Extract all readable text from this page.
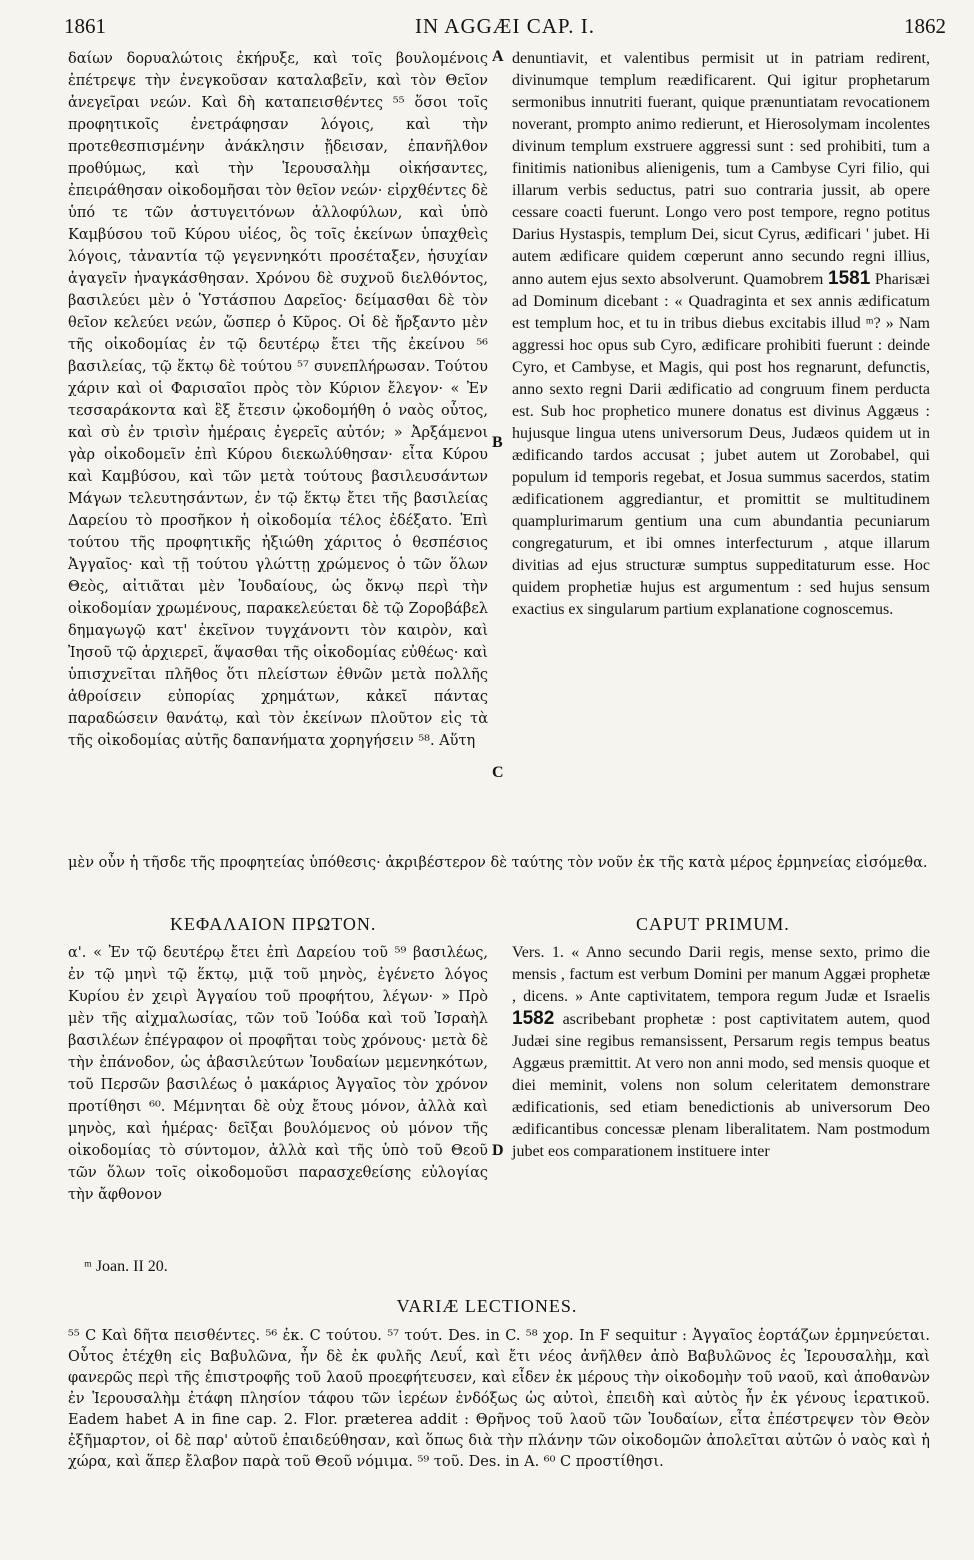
1861	IN AGGÆI CAP. I.	1862

δαίων δορυαλώτοις ἐκήρυξε, καὶ τοῖς βουλομένοις ἐπέτρεψε τὴν ἐνεγκοῦσαν καταλαβεῖν, καὶ τὸν Θεῖον ἀνεγεῖραι νεών. Καὶ δὴ καταπεισθέντες ⁵⁵ ὅσοι τοῖς προφητικοῖς ἐνετράφησαν λόγοις, καὶ τὴν προτεθεσπισμένην ἀνάκλησιν ᾔδεισαν, ἐπανῆλθον προθύμως, καὶ τὴν Ἱερουσαλὴμ οἰκήσαντες, ἐπειράθησαν οἰκοδομῆσαι τὸν θεῖον νεών· εἰρχθέντες δὲ ὑπό τε τῶν ἀστυγειτόνων ἀλλοφύλων, καὶ ὑπὸ Καμβύσου τοῦ Κύρου υἱέος, ὃς τοῖς ἐκείνων ὑπαχθεὶς λόγοις, τἀναντία τῷ γεγεννηκότι προσέταξεν, ἡσυχίαν ἀγαγεῖν ἠναγκάσθησαν. Χρόνου δὲ συχνοῦ διελθόντος, βασιλεύει μὲν ὁ Ὑστάσπου Δαρεῖος· δείμασθαι δὲ τὸν θεῖον κελεύει νεών, ὥσπερ ὁ Κῦρος. Οἱ δὲ ἤρξαντο μὲν τῆς οἰκοδομίας ἐν τῷ δευτέρῳ ἔτει τῆς ἐκείνου ⁵⁶ βασιλείας, τῷ ἕκτῳ δὲ τούτου ⁵⁷ συνεπλήρωσαν. Τούτου χάριν καὶ οἱ Φαρισαῖοι πρὸς τὸν Κύριον ἔλεγον· « Ἐν τεσσαράκοντα καὶ ἓξ ἔτεσιν ᾠκοδομήθη ὁ ναὸς οὗτος, καὶ σὺ ἐν τρισὶν ἡμέραις ἐγερεῖς αὐτόν; » Ἀρξάμενοι γὰρ οἰκοδομεῖν ἐπὶ Κύρου διεκωλύθησαν· εἶτα Κύρου καὶ Καμβύσου, καὶ τῶν μετὰ τούτους βασιλευσάντων Μάγων τελευτησάντων, ἐν τῷ ἕκτῳ ἔτει τῆς βασιλείας Δαρείου τὸ προσῆκον ἡ οἰκοδομία τέλος ἐδέξατο. Ἐπὶ τούτου τῆς προφητικῆς ἠξιώθη χάριτος ὁ θεσπέσιος Ἀγγαῖος· καὶ τῇ τούτου γλώττῃ χρώμενος ὁ τῶν ὅλων Θεὸς, αἰτιᾶται μὲν Ἰουδαίους, ὡς ὄκνῳ περὶ τὴν οἰκοδομίαν χρωμένους, παρακελεύεται δὲ τῷ Ζοροβάβελ δημαγωγῷ κατ' ἐκεῖνον τυγχάνοντι τὸν καιρὸν, καὶ Ἰησοῦ τῷ ἀρχιερεῖ, ἅψασθαι τῆς οἰκοδομίας εὐθέως· καὶ ὑπισχνεῖται πλῆθος ὅτι πλείστων ἐθνῶν μετὰ πολλῆς ἀθροίσειν εὐπορίας χρημάτων, κἀκεῖ πάντας παραδώσειν θανάτῳ, καὶ τὸν ἐκείνων πλοῦτον εἰς τὰ τῆς οἰκοδομίας αὐτῆς δαπανήματα χορηγήσειν ⁵⁸. Αὕτη

denuntiavit, et valentibus permisit ut in patriam redirent, divinumque templum reædificarent. Qui igitur prophetarum sermonibus innutriti fuerant, quique prænuntiatam revocationem noverant, prompto animo redierunt, et Hierosolymam incolentes divinum templum exstruere aggressi sunt : sed prohibiti, tum a finitimis nationibus alienigenis, tum a Cambyse Cyri filio, qui illarum verbis seductus, patri suo contraria jussit, ab opere cessare coacti fuerunt. Longo vero post tempore, regno potitus Darius Hystaspis, templum Dei, sicut Cyrus, ædificari ' jubet. Hi autem ædificare quidem cœperunt anno secundo regni illius, anno autem ejus sexto absolverunt. Quamobrem 1581 Pharisæi ad Dominum dicebant : « Quadraginta et sex annis ædificatum est templum hoc, et tu in tribus diebus excitabis illud ᵐ? » Nam aggressi hoc opus sub Cyro, ædificare prohibiti fuerunt : deinde Cyro, et Cambyse, et Magis, qui post hos regnarunt, defunctis, anno sexto regni Darii ædificatio ad congruum finem perducta est. Sub hoc prophetico munere donatus est divinus Aggæus : hujusque lingua utens universorum Deus, Judæos quidem ut in ædificando tardos accusat ; jubet autem ut Zorobabel, qui populum id temporis regebat, et Josua summus sacerdos, statim ædificationem aggrediantur, et promittit se multitudinem quamplurimarum gentium una cum abundantia pecuniarum congregaturum, et ibi omnes interfecturum , atque illarum divitias ad ejus structuræ sumptus suppeditaturum esse. Hoc quidem prophetiæ hujus est argumentum : sed hujus sensum exactius ex singularum partium explanatione cognoscemus.

A
B
C
D
μὲν οὖν ἡ τῆσδε τῆς προφητείας ὑπόθεσις· ἀκριβέστερον δὲ ταύτης τὸν νοῦν ἐκ τῆς κατὰ μέρος ἑρμηνείας εἰσόμεθα.
ΚΕΦΑΛΑΙΟΝ ΠΡΩΤΟΝ.	CAPUT PRIMUM.

α'. « Ἐν τῷ δευτέρῳ ἔτει ἐπὶ Δαρείου τοῦ ⁵⁹ βασιλέως, ἐν τῷ μηνὶ τῷ ἕκτῳ, μιᾷ τοῦ μηνὸς, ἐγένετο λόγος Κυρίου ἐν χειρὶ Ἀγγαίου τοῦ προφήτου, λέγων· » Πρὸ μὲν τῆς αἰχμαλωσίας, τῶν τοῦ Ἰούδα καὶ τοῦ Ἰσραὴλ βασιλέων ἐπέγραφον οἱ προφῆται τοὺς χρόνους· μετὰ δὲ τὴν ἐπάνοδον, ὡς ἀβασιλεύτων Ἰουδαίων μεμενηκότων, τοῦ Περσῶν βασιλέως ὁ μακάριος Ἀγγαῖος τὸν χρόνον προτίθησι ⁶⁰. Μέμνηται δὲ οὐχ ἔτους μόνον, ἀλλὰ καὶ μηνὸς, καὶ ἡμέρας· δεῖξαι βουλόμενος οὐ μόνον τῆς οἰκοδομίας τὸ σύντομον, ἀλλὰ καὶ τῆς ὑπὸ τοῦ Θεοῦ τῶν ὅλων τοῖς οἰκοδομοῦσι παρασχεθείσης εὐλογίας τὴν ἄφθονον

Vers. 1. « Anno secundo Darii regis, mense sexto, primo die mensis , factum est verbum Domini per manum Aggæi prophetæ , dicens. » Ante captivitatem, tempora regum Judæ et Israelis 1582 ascribebant prophetæ : post captivitatem autem, quod Judæi sine regibus remansissent, Persarum regis tempus beatus Aggæus præmittit. At vero non anni modo, sed mensis quoque et diei meminit, volens non solum celeritatem demonstrare ædificationis, sed etiam benedictionis ab universorum Deo ædificantibus concessæ plenam liberalitatem. Nam postmodum jubet eos comparationem instituere inter

ᵐ Joan. II 20.
VARIÆ LECTIONES.
⁵⁵ C Καὶ δῆτα πεισθέντες. ⁵⁶ ἐκ. C τούτου. ⁵⁷ τούτ. Des. in C. ⁵⁸ χορ. In F sequitur : Ἀγγαῖος ἑορτάζων ἑρμηνεύεται. Οὗτος ἐτέχθη εἰς Βαβυλῶνα, ἦν δὲ ἐκ φυλῆς Λευΐ, καὶ ἔτι νέος ἀνῆλθεν ἀπὸ Βαβυλῶνος ἐς Ἱερουσαλὴμ, καὶ φανερῶς περὶ τῆς ἐπιστροφῆς τοῦ λαοῦ προεφήτευσεν, καὶ εἶδεν ἐκ μέρους τὴν οἰκοδομὴν τοῦ ναοῦ, καὶ ἀποθανὼν ἐν Ἱερουσαλὴμ ἐτάφη πλησίον τάφου τῶν ἱερέων ἐνδόξως ὡς αὐτοὶ, ἐπειδὴ καὶ αὐτὸς ἦν ἐκ γένους ἱερατικοῦ. Eadem habet A in fine cap. 2. Flor. præterea addit : Θρῆνος τοῦ λαοῦ τῶν Ἰουδαίων, εἶτα ἐπέστρεψεν τὸν Θεὸν ἐξῆμαρτον, οἱ δὲ παρ' αὐτοῦ ἐπαιδεύθησαν, καὶ ὅπως διὰ τὴν πλάνην τῶν οἰκοδομῶν ἀπολεῖται αὐτῶν ὁ ναὸς καὶ ἡ χώρα, καὶ ἅπερ ἔλαβον παρὰ τοῦ Θεοῦ νόμιμα. ⁵⁹ τοῦ. Des. in A. ⁶⁰ C προστίθησι.
